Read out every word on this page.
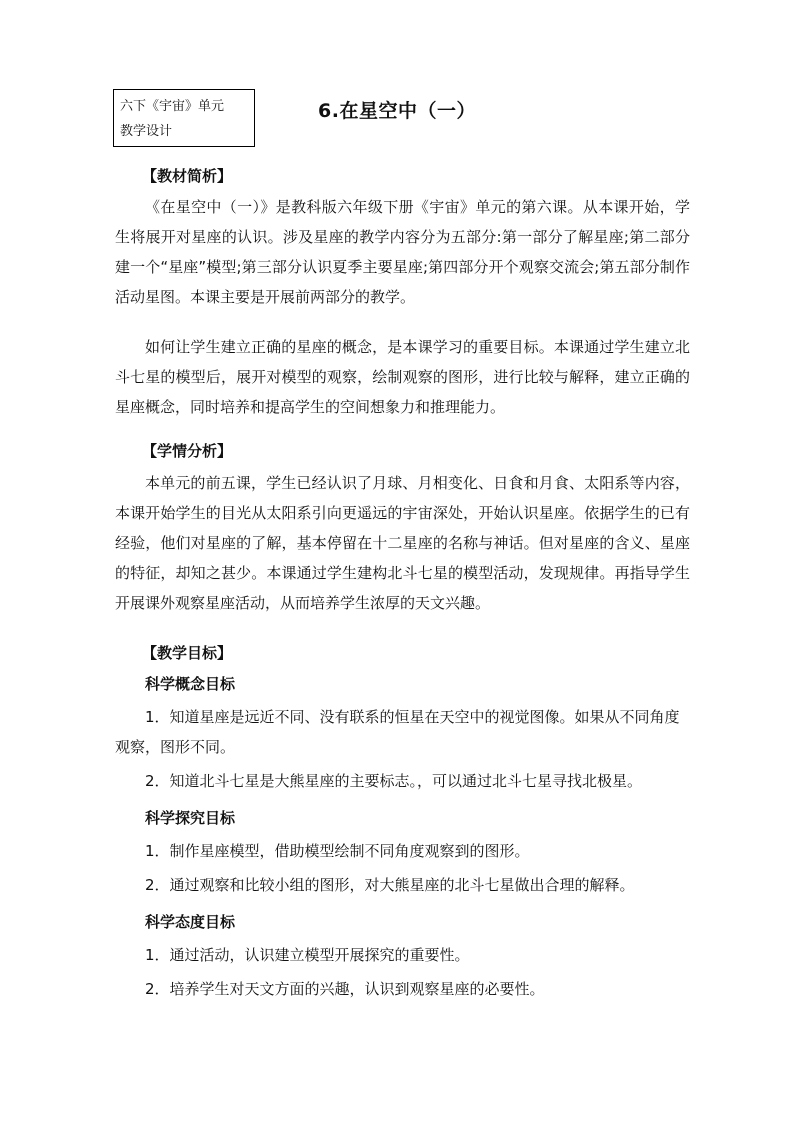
六下《宇宙》单元
教学设计
6.在星空中（一）
【教材简析】

《在星空中（一）》是教科版六年级下册《宇宙》单元的第六课。从本课开始，学生将展开对星座的认识。涉及星座的教学内容分为五部分:第一部分了解星座;第二部分建一个“星座”模型;第三部分认识夏季主要星座;第四部分开个观察交流会;第五部分制作活动星图。本课主要是开展前两部分的教学。

如何让学生建立正确的星座的概念，是本课学习的重要目标。本课通过学生建立北斗七星的模型后，展开对模型的观察，绘制观察的图形，进行比较与解释，建立正确的星座概念，同时培养和提高学生的空间想象力和推理能力。

【学情分析】

本单元的前五课，学生已经认识了月球、月相变化、日食和月食、太阳系等内容，本课开始学生的目光从太阳系引向更遥远的宇宙深处，开始认识星座。依据学生的已有经验，他们对星座的了解，基本停留在十二星座的名称与神话。但对星座的含义、星座的特征，却知之甚少。本课通过学生建构北斗七星的模型活动，发现规律。再指导学生开展课外观察星座活动，从而培养学生浓厚的天文兴趣。

【教学目标】
科学概念目标

1．知道星座是远近不同、没有联系的恒星在天空中的视觉图像。如果从不同角度观察，图形不同。

2．知道北斗七星是大熊星座的主要标志。，可以通过北斗七星寻找北极星。

科学探究目标

1．制作星座模型，借助模型绘制不同角度观察到的图形。

2．通过观察和比较小组的图形，对大熊星座的北斗七星做出合理的解释。

科学态度目标

1．通过活动，认识建立模型开展探究的重要性。

2．培养学生对天文方面的兴趣，认识到观察星座的必要性。
